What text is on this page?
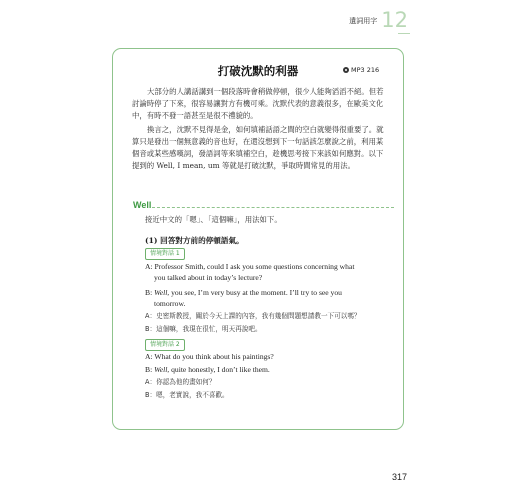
遺詞用字 12
打破沈默的利器	MP3 216

大部分的人講話講到一個段落時會稍做停頓，很少人能夠滔滔不絕。但若討論時停了下來，很容易讓對方有機可乘。沈默代表的意義很多，在歐美文化中，有時不發一語甚至是很不禮貌的。

換言之，沈默不見得是金，如何填補話語之間的空白就變得很重要了。就算只是發出一個無意義的音也好，在還沒想到下一句話該怎麼說之前，利用某個音或某些感嘆詞，發語詞等來填補空白，趁機思考接下來該如何應對。以下提到的 Well, I mean, um 等就是打破沈默，爭取時間常見的用法。

Well
接近中文的「嗯」、「這個嘛」，用法如下。
(1) 回答對方前的停頓語氣。
情境對話 1
A: Professor Smith, could I ask you some questions concerning what
you talked about in today’s lecture?
B: Well, you see, I’m very busy at the moment. I’ll try to see you
tomorrow.
A：史密斯教授，關於今天上課的內容，我有幾個問題想請教一下可以嗎？
B：這個嘛，我現在很忙，明天再說吧。
情境對話 2
A: What do you think about his paintings?
B: Well, quite honestly, I don’t like them.
A：你認為他的畫如何？
B：嗯，老實說，我不喜歡。
317
